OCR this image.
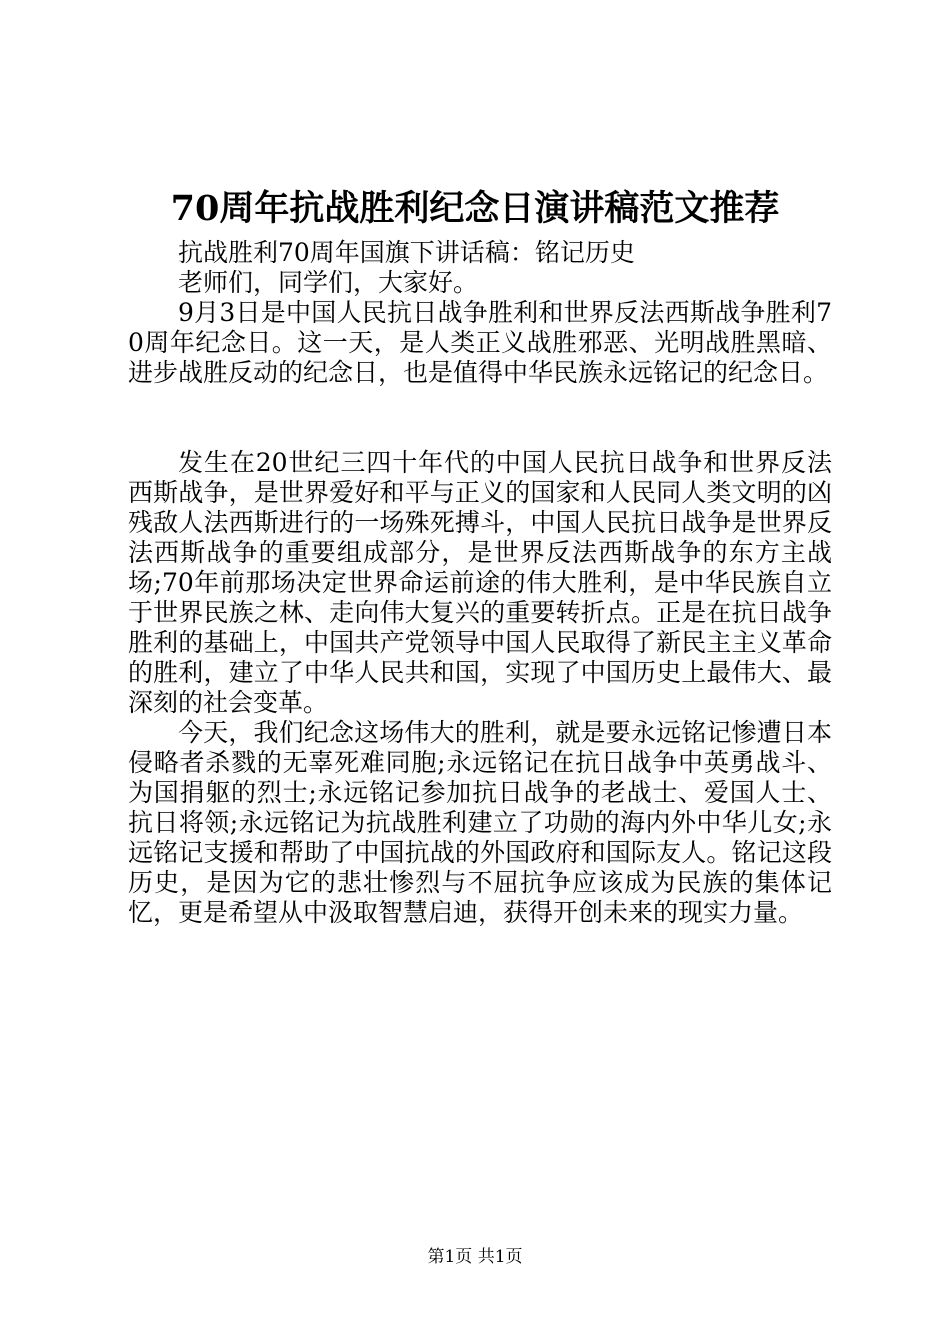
70周年抗战胜利纪念日演讲稿范文推荐

抗战胜利70周年国旗下讲话稿：铭记历史

老师们，同学们，大家好。

9月3日是中国人民抗日战争胜利和世界反法西斯战争胜利70周年纪念日。这一天，是人类正义战胜邪恶、光明战胜黑暗、进步战胜反动的纪念日，也是值得中华民族永远铭记的纪念日。

发生在20世纪三四十年代的中国人民抗日战争和世界反法西斯战争，是世界爱好和平与正义的国家和人民同人类文明的凶残敌人法西斯进行的一场殊死搏斗，中国人民抗日战争是世界反法西斯战争的重要组成部分，是世界反法西斯战争的东方主战场;70年前那场决定世界命运前途的伟大胜利，是中华民族自立于世界民族之林、走向伟大复兴的重要转折点。正是在抗日战争胜利的基础上，中国共产党领导中国人民取得了新民主主义革命的胜利，建立了中华人民共和国，实现了中国历史上最伟大、最深刻的社会变革。

今天，我们纪念这场伟大的胜利，就是要永远铭记惨遭日本侵略者杀戮的无辜死难同胞;永远铭记在抗日战争中英勇战斗、为国捐躯的烈士;永远铭记参加抗日战争的老战士、爱国人士、抗日将领;永远铭记为抗战胜利建立了功勋的海内外中华儿女;永远铭记支援和帮助了中国抗战的外国政府和国际友人。铭记这段历史，是因为它的悲壮惨烈与不屈抗争应该成为民族的集体记忆，更是希望从中汲取智慧启迪，获得开创未来的现实力量。

第1页 共1页
